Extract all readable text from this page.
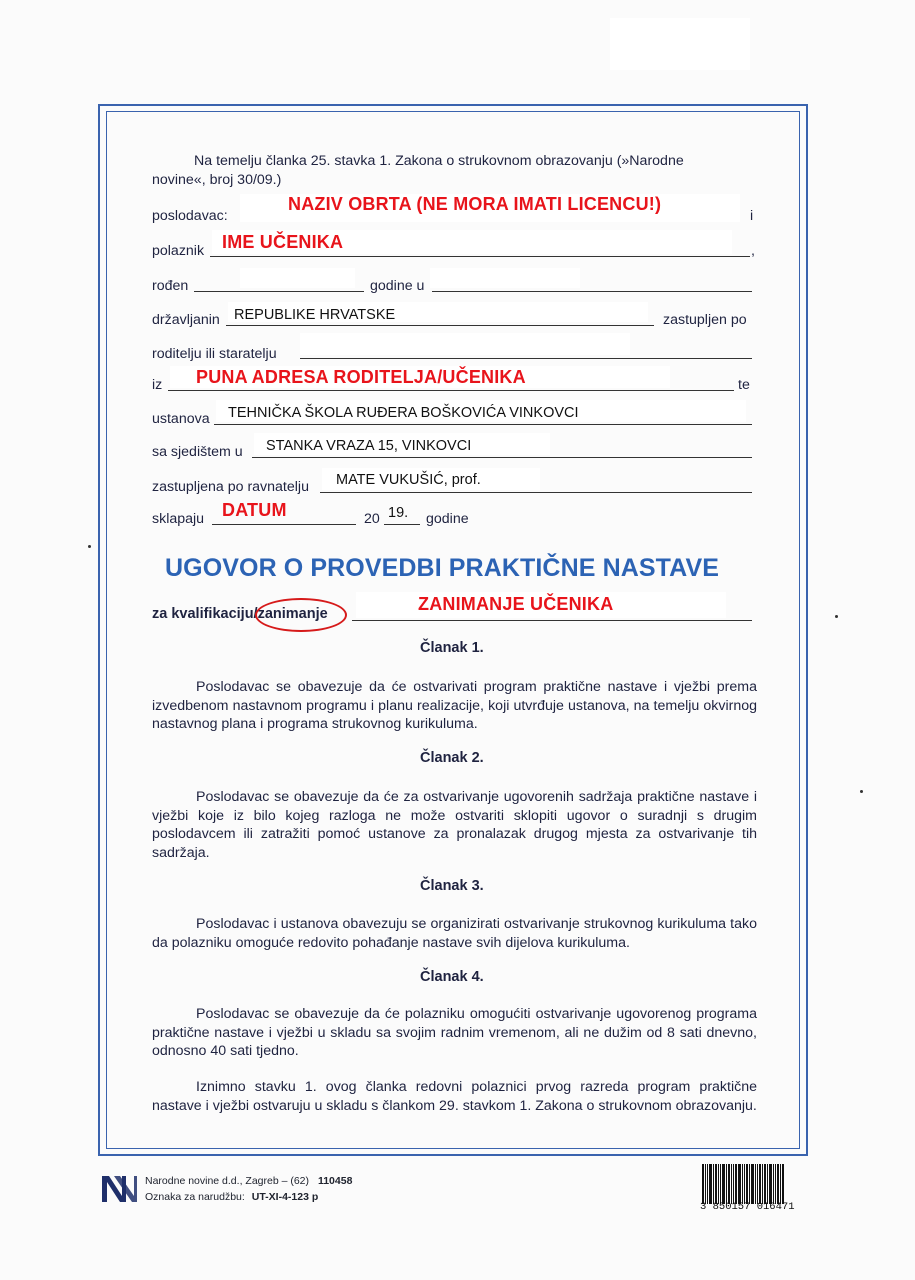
Na temelju članka 25. stavka 1. Zakona o strukovnom obrazovanju (»Narodne
novine«, broj 30/09.)
poslodavac:
NAZIV OBRTA (NE MORA IMATI LICENCU!)
i
polaznik IME UČENIKA	,
rođen	godine u
državljanin REPUBLIKE HRVATSKE	zastupljen po
roditelju ili staratelju
iz PUNA ADRESA RODITELJA/UČENIKA	te
ustanova TEHNIČKA ŠKOLA RUĐERA BOŠKOVIĆA VINKOVCI
sa sjedištem u STANKA VRAZA 15, VINKOVCI
zastupljena po ravnatelju MATE VUKUŠIĆ, prof.
sklapaju DATUM	20 19. godine
UGOVOR O PROVEDBI PRAKTIČNE NASTAVE
za kvalifikaciju/zanimanje	ZANIMANJE UČENIKA
Članak 1.
Poslodavac se obavezuje da će ostvarivati program praktične nastave i vježbi prema izvedbenom nastavnom programu i planu realizacije, koji utvrđuje ustanova, na temelju okvirnog nastavnog plana i programa strukovnog kurikuluma.
Članak 2.
Poslodavac se obavezuje da će za ostvarivanje ugovorenih sadržaja praktične nastave i vježbi koje iz bilo kojeg razloga ne može ostvariti sklopiti ugovor o suradnji s drugim poslodavcem ili zatražiti pomoć ustanove za pronalazak drugog mjesta za ostvarivanje tih sadržaja.
Članak 3.
Poslodavac i ustanova obavezuju se organizirati ostvarivanje strukovnog kurikuluma tako da polazniku omoguće redovito pohađanje nastave svih dijelova kurikuluma.
Članak 4.
Poslodavac se obavezuje da će polazniku omogućiti ostvarivanje ugovorenog programa praktične nastave i vježbi u skladu sa svojim radnim vremenom, ali ne dužim od 8 sati dnevno, odnosno 40 sati tjedno.
Iznimno stavku 1. ovog članka redovni polaznici prvog razreda program praktične nastave i vježbi ostvaruju u skladu s člankom 29. stavkom 1. Zakona o strukovnom obrazovanju.
Narodne novine d.d., Zagreb – (62) 110458
Oznaka za narudžbu: UT-XI-4-123 p
3 850157 016471
